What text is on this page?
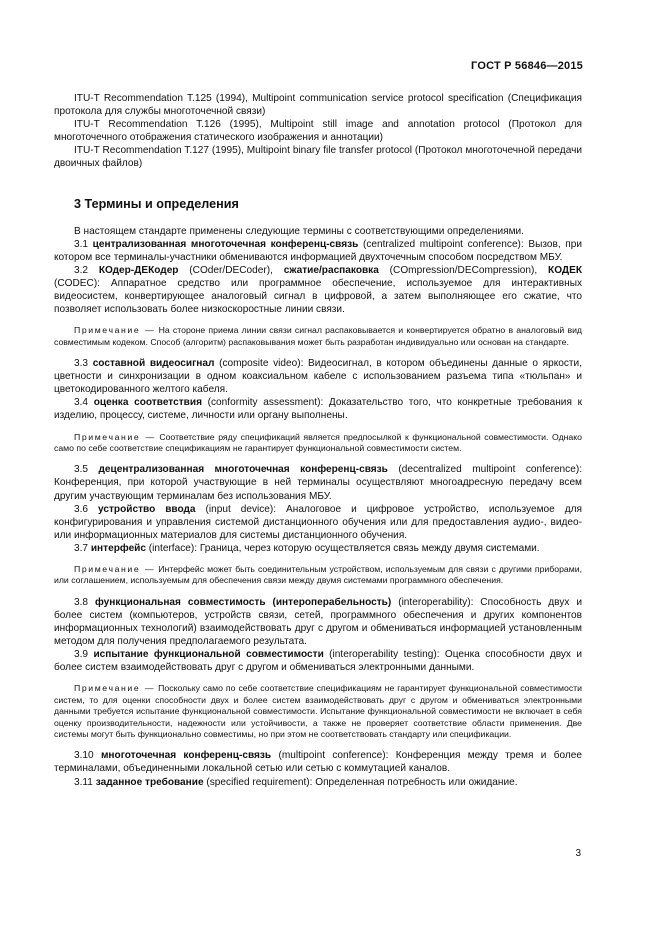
ГОСТ Р 56846—2015

ITU-T Recommendation T.125 (1994), Multipoint communication service protocol specification (Спецификация протокола для службы многоточечной связи)

ITU-T Recommendation T.126 (1995), Multipoint still image and annotation protocol (Протокол для многоточечного отображения статического изображения и аннотации)

ITU-T Recommendation T.127 (1995), Multipoint binary file transfer protocol (Протокол многоточечной передачи двоичных файлов)

3 Термины и определения

В настоящем стандарте применены следующие термины с соответствующими определениями.

3.1 централизованная многоточечная конференц-связь (centralized multipoint conference): Вызов, при котором все терминалы-участники обмениваются информацией двухточечным способом посредством МБУ.

3.2 КОдер-ДЕКодер (COder/DECoder), сжатие/распаковка (COmpression/DECompression), КОДЕК (CODEC): Аппаратное средство или программное обеспечение, используемое для интерактивных видеосистем, конвертирующее аналоговый сигнал в цифровой, а затем выполняющее его сжатие, что позволяет использовать более низкоскоростные линии связи.

Примечание — На стороне приема линии связи сигнал распаковывается и конвертируется обратно в аналоговый вид совместимым кодеком. Способ (алгоритм) распаковывания может быть разработан индивидуально или основан на стандарте.

3.3 составной видеосигнал (composite video): Видеосигнал, в котором объединены данные о яркости, цветности и синхронизации в одном коаксиальном кабеле с использованием разъема типа «тюльпан» и цветокодированного желтого кабеля.

3.4 оценка соответствия (conformity assessment): Доказательство того, что конкретные требования к изделию, процессу, системе, личности или органу выполнены.

Примечание — Соответствие ряду спецификаций является предпосылкой к функциональной совместимости. Однако само по себе соответствие спецификациям не гарантирует функциональной совместимости систем.

3.5 децентрализованная многоточечная конференц-связь (decentralized multipoint conference): Конференция, при которой участвующие в ней терминалы осуществляют многоадресную передачу всем другим участвующим терминалам без использования МБУ.

3.6 устройство ввода (input device): Аналоговое и цифровое устройство, используемое для конфигурирования и управления системой дистанционного обучения или для предоставления аудио-, видео- или информационных материалов для системы дистанционного обучения.

3.7 интерфейс (interface): Граница, через которую осуществляется связь между двумя системами.

Примечание — Интерфейс может быть соединительным устройством, используемым для связи с другими приборами, или соглашением, используемым для обеспечения связи между двумя системами программного обеспечения.

3.8 функциональная совместимость (интероперабельность) (interoperability): Способность двух и более систем (компьютеров, устройств связи, сетей, программного обеспечения и других компонентов информационных технологий) взаимодействовать друг с другом и обмениваться информацией установленным методом для получения предполагаемого результата.

3.9 испытание функциональной совместимости (interoperability testing): Оценка способности двух и более систем взаимодействовать друг с другом и обмениваться электронными данными.

Примечание — Поскольку само по себе соответствие спецификациям не гарантирует функциональной совместимости систем, то для оценки способности двух и более систем взаимодействовать друг с другом и обмениваться электронными данными требуется испытание функциональной совместимости. Испытание функциональной совместимости не включает в себя оценку производительности, надежности или устойчивости, а также не проверяет соответствие области применения. Две системы могут быть функционально совместимы, но при этом не соответствовать стандарту или спецификации.

3.10 многоточечная конференц-связь (multipoint conference): Конференция между тремя и более терминалами, объединенными локальной сетью или сетью с коммутацией каналов.

3.11 заданное требование (specified requirement): Определенная потребность или ожидание.

3
